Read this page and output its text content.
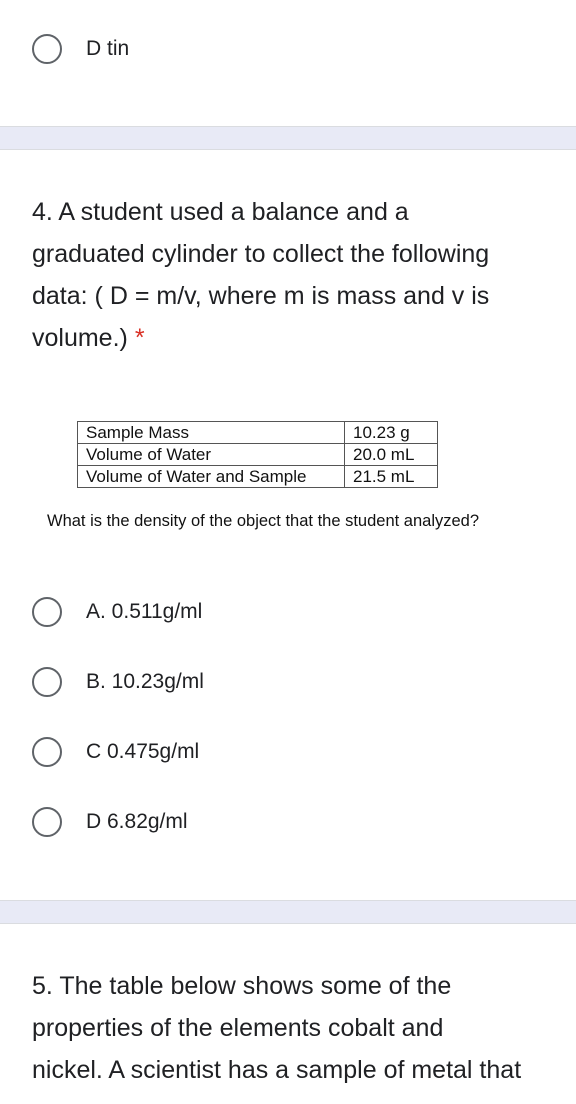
D tin
4. A student used a balance and a
graduated cylinder to collect the following
data: ( D = m/v, where m is mass and v is
volume.) *
Sample Mass	10.23 g
Volume of Water	20.0 mL
Volume of Water and Sample	21.5 mL
What is the density of the object that the student analyzed?
A. 0.511g/ml
B. 10.23g/ml
C 0.475g/ml
D 6.82g/ml
5. The table below shows some of the
properties of the elements cobalt and
nickel. A scientist has a sample of metal that
